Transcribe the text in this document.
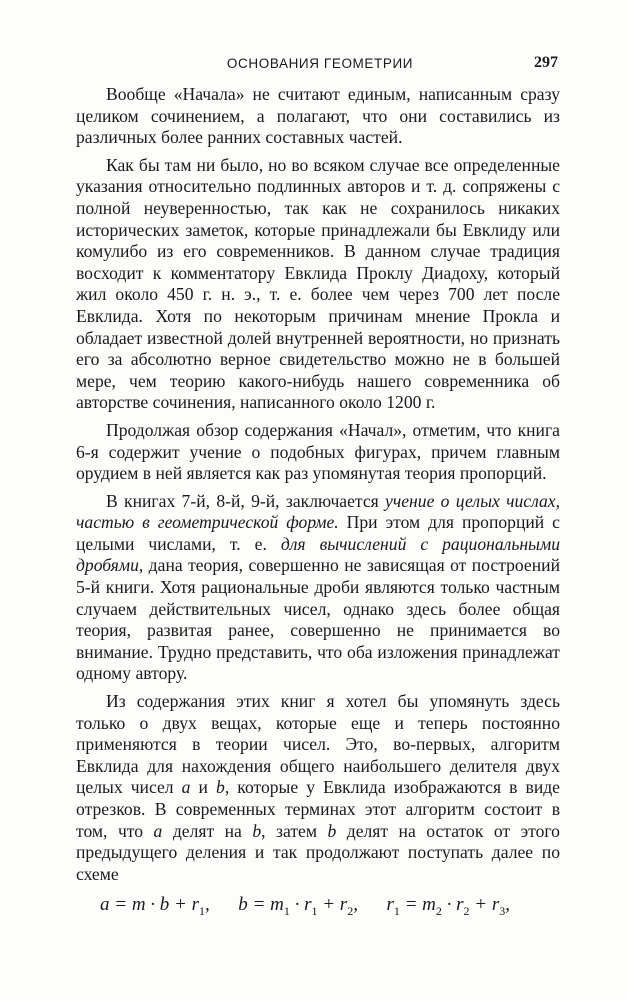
ОСНОВАНИЯ ГЕОМЕТРИИ	297

Вообще «Начала» не считают единым, написанным сразу целиком сочинением, а полагают, что они составились из различных более ранних составных частей.

Как бы там ни было, но во всяком случае все определенные указания относительно подлинных авторов и т. д. сопряжены с полной неуверенностью, так как не сохранилось никаких исторических заметок, которые принадлежали бы Евклиду или комулибо из его современников. В данном случае традиция восходит к комментатору Евклида Проклу Диадоху, который жил около 450 г. н. э., т. е. более чем через 700 лет после Евклида. Хотя по некоторым причинам мнение Прокла и обладает известной долей внутренней вероятности, но признать его за абсолютно верное свидетельство можно не в большей мере, чем теорию какого-нибудь нашего современника об авторстве сочинения, написанного около 1200 г.

Продолжая обзор содержания «Начал», отметим, что книга 6-я содержит учение о подобных фигурах, причем главным орудием в ней является как раз упомянутая теория пропорций.

В книгах 7-й, 8-й, 9-й, заключается учение о целых числах, частью в геометрической форме. При этом для пропорций с целыми числами, т. е. для вычислений с рациональными дробями, дана теория, совершенно не зависящая от построений 5-й книги. Хотя рациональные дроби являются только частным случаем действительных чисел, однако здесь более общая теория, развитая ранее, совершенно не принимается во внимание. Трудно представить, что оба изложения принадлежат одному автору.

Из содержания этих книг я хотел бы упомянуть здесь только о двух вещах, которые еще и теперь постоянно применяются в теории чисел. Это, во-первых, алгоритм Евклида для нахождения общего наибольшего делителя двух целых чисел a и b, которые у Евклида изображаются в виде отрезков. В современных терминах этот алгоритм состоит в том, что a делят на b, затем b делят на остаток от этого предыдущего деления и так продолжают поступать далее по схеме

$a = m \cdot b + r_1$,   $b = m_1 \cdot r_1 + r_2$,   $r_1 = m_2 \cdot r_2 + r_3$,
